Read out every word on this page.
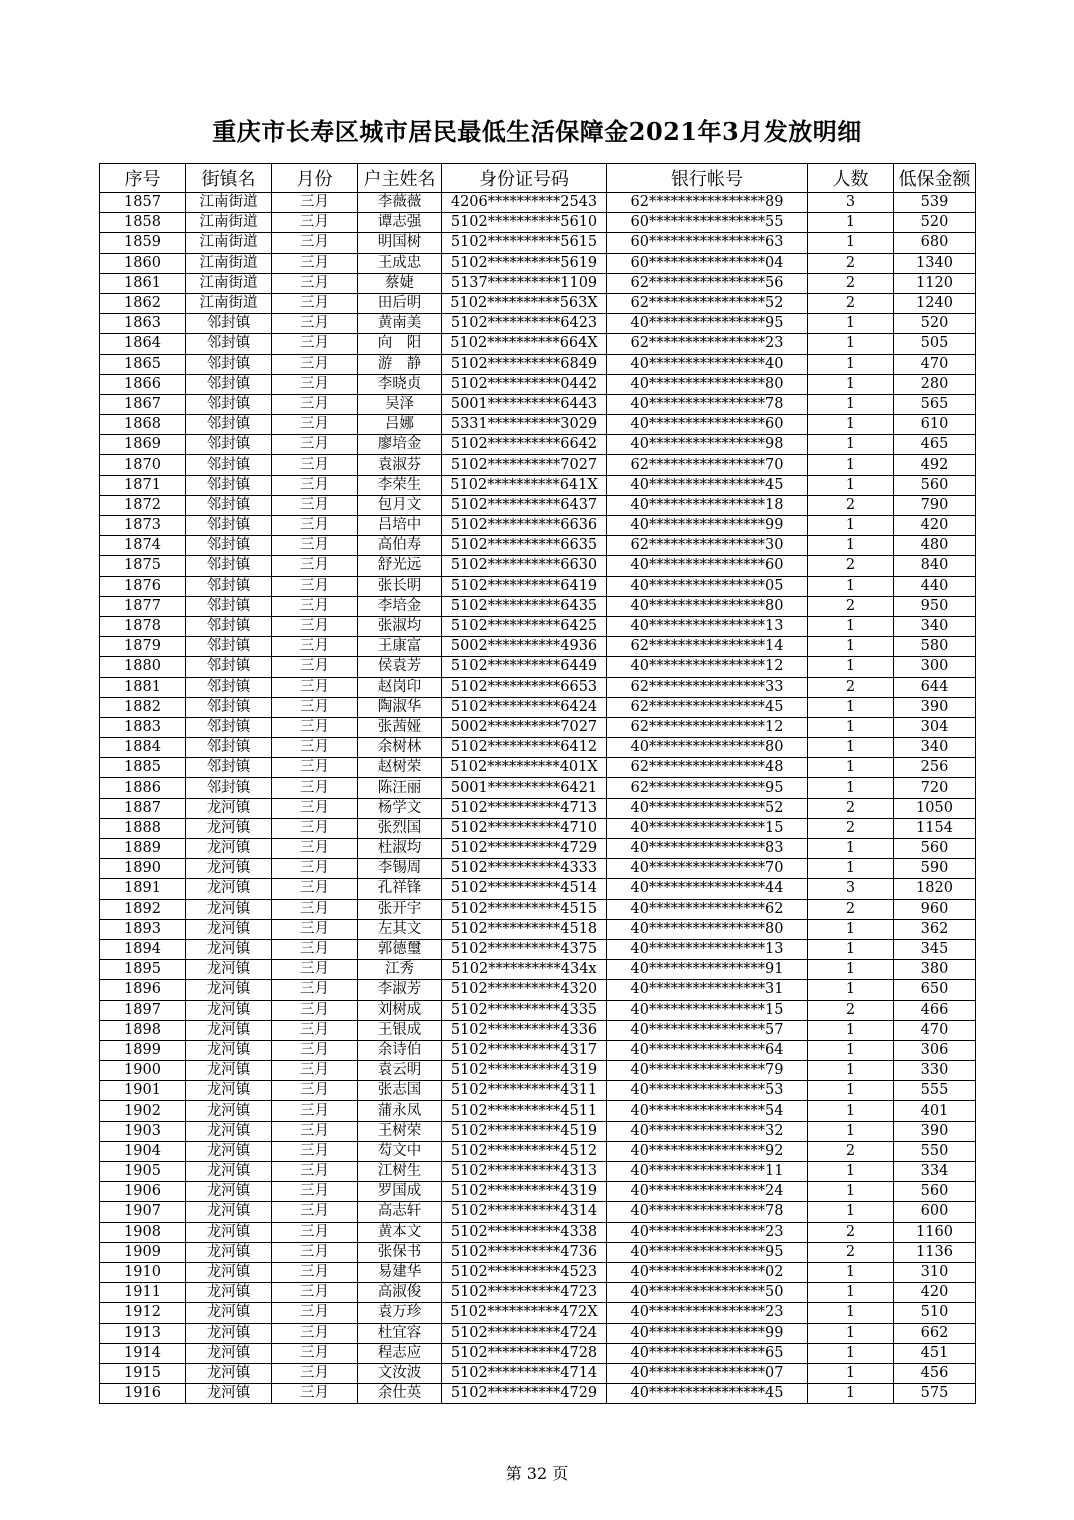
重庆市长寿区城市居民最低生活保障金2021年3月发放明细
序号	街镇名	月份	户主姓名	身份证号码	银行帐号	人数	低保金额
1857	江南街道	三月	李薇薇	4206**********2543	62****************89	3	539
1858	江南街道	三月	谭志强	5102**********5610	60****************55	1	520
1859	江南街道	三月	明国树	5102**********5615	60****************63	1	680
1860	江南街道	三月	王成忠	5102**********5619	60****************04	2	1340
1861	江南街道	三月	蔡婕	5137**********1109	62****************56	2	1120
1862	江南街道	三月	田后明	5102**********563X	62****************52	2	1240
1863	邻封镇	三月	黄南美	5102**********6423	40****************95	1	520
1864	邻封镇	三月	向　阳	5102**********664X	62****************23	1	505
1865	邻封镇	三月	游　静	5102**********6849	40****************40	1	470
1866	邻封镇	三月	李晓贞	5102**********0442	40****************80	1	280
1867	邻封镇	三月	吴泽	5001**********6443	40****************78	1	565
1868	邻封镇	三月	吕娜	5331**********3029	40****************60	1	610
1869	邻封镇	三月	廖培金	5102**********6642	40****************98	1	465
1870	邻封镇	三月	袁淑芬	5102**********7027	62****************70	1	492
1871	邻封镇	三月	李荣生	5102**********641X	40****************45	1	560
1872	邻封镇	三月	包月文	5102**********6437	40****************18	2	790
1873	邻封镇	三月	吕培中	5102**********6636	40****************99	1	420
1874	邻封镇	三月	高伯寿	5102**********6635	62****************30	1	480
1875	邻封镇	三月	舒光远	5102**********6630	40****************60	2	840
1876	邻封镇	三月	张长明	5102**********6419	40****************05	1	440
1877	邻封镇	三月	李培金	5102**********6435	40****************80	2	950
1878	邻封镇	三月	张淑均	5102**********6425	40****************13	1	340
1879	邻封镇	三月	王康富	5002**********4936	62****************14	1	580
1880	邻封镇	三月	侯袁芳	5102**********6449	40****************12	1	300
1881	邻封镇	三月	赵岗印	5102**********6653	62****************33	2	644
1882	邻封镇	三月	陶淑华	5102**********6424	62****************45	1	390
1883	邻封镇	三月	张茜娅	5002**********7027	62****************12	1	304
1884	邻封镇	三月	余树林	5102**********6412	40****************80	1	340
1885	邻封镇	三月	赵树荣	5102**********401X	62****************48	1	256
1886	邻封镇	三月	陈汪丽	5001**********6421	62****************95	1	720
1887	龙河镇	三月	杨学文	5102**********4713	40****************52	2	1050
1888	龙河镇	三月	张烈国	5102**********4710	40****************15	2	1154
1889	龙河镇	三月	杜淑均	5102**********4729	40****************83	1	560
1890	龙河镇	三月	李锡周	5102**********4333	40****************70	1	590
1891	龙河镇	三月	孔祥锋	5102**********4514	40****************44	3	1820
1892	龙河镇	三月	张开宇	5102**********4515	40****************62	2	960
1893	龙河镇	三月	左其文	5102**********4518	40****************80	1	362
1894	龙河镇	三月	郭德璽	5102**********4375	40****************13	1	345
1895	龙河镇	三月	江秀	5102**********434x	40****************91	1	380
1896	龙河镇	三月	李淑芳	5102**********4320	40****************31	1	650
1897	龙河镇	三月	刘树成	5102**********4335	40****************15	2	466
1898	龙河镇	三月	王银成	5102**********4336	40****************57	1	470
1899	龙河镇	三月	余诗伯	5102**********4317	40****************64	1	306
1900	龙河镇	三月	袁云明	5102**********4319	40****************79	1	330
1901	龙河镇	三月	张志国	5102**********4311	40****************53	1	555
1902	龙河镇	三月	蒲永凤	5102**********4511	40****************54	1	401
1903	龙河镇	三月	王树荣	5102**********4519	40****************32	1	390
1904	龙河镇	三月	芶文中	5102**********4512	40****************92	2	550
1905	龙河镇	三月	江树生	5102**********4313	40****************11	1	334
1906	龙河镇	三月	罗国成	5102**********4319	40****************24	1	560
1907	龙河镇	三月	高志轩	5102**********4314	40****************78	1	600
1908	龙河镇	三月	黄本文	5102**********4338	40****************23	2	1160
1909	龙河镇	三月	张保书	5102**********4736	40****************95	2	1136
1910	龙河镇	三月	易建华	5102**********4523	40****************02	1	310
1911	龙河镇	三月	高淑俊	5102**********4723	40****************50	1	420
1912	龙河镇	三月	袁万珍	5102**********472X	40****************23	1	510
1913	龙河镇	三月	杜宜容	5102**********4724	40****************99	1	662
1914	龙河镇	三月	程志应	5102**********4728	40****************65	1	451
1915	龙河镇	三月	文汝波	5102**********4714	40****************07	1	456
1916	龙河镇	三月	余仕英	5102**********4729	40****************45	1	575
第 32 页
